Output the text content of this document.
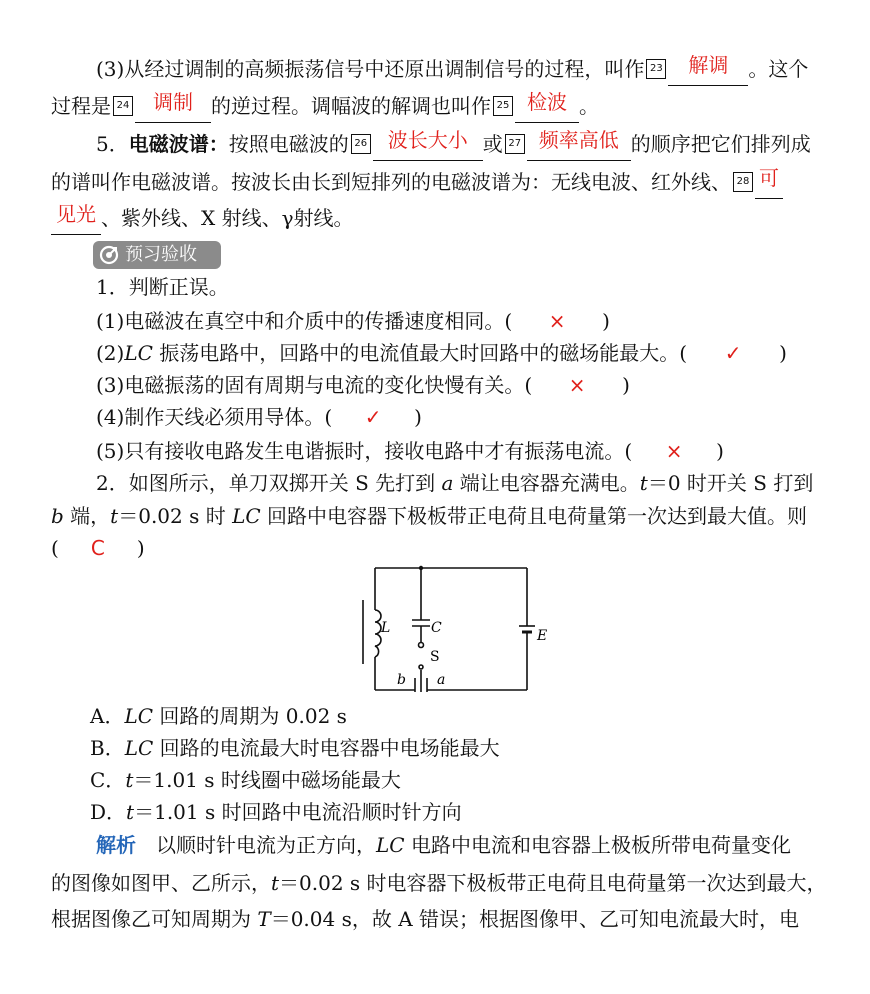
(3)从经过调制的高频振荡信号中还原出调制信号的过程，叫作 23 解调 。这个
过程是 24 调制 的逆过程。调幅波的解调也叫作 25 检波 。
5．电磁波谱：按照电磁波的 26 波长大小 或 27 频率高低 的顺序把它们排列成
的谱叫作电磁波谱。按波长由长到短排列的电磁波谱为：无线电波、红外线、 28 可
见光 、紫外线、X 射线、γ射线。
预习验收
1．判断正误。
(1)电磁波在真空中和介质中的传播速度相同。( × )
(2)LC 振荡电路中，回路中的电流值最大时回路中的磁场能最大。( ✓ )
(3)电磁振荡的固有周期与电流的变化快慢有关。( × )
(4)制作天线必须用导体。( ✓ )
(5)只有接收电路发生电谐振时，接收电路中才有振荡电流。( × )
2．如图所示，单刀双掷开关 S 先打到 a 端让电容器充满电。t＝0 时开关 S 打到
b 端，t＝0.02 s 时 LC 回路中电容器下极板带正电荷且电荷量第一次达到最大值。则
( C )
L	C
S
E
b a
A．LC 回路的周期为 0.02 s
B．LC 回路的电流最大时电容器中电场能最大
C．t＝1.01 s 时线圈中磁场能最大
D．t＝1.01 s 时回路中电流沿顺时针方向
解析 以顺时针电流为正方向，LC 电路中电流和电容器上极板所带电荷量变化
的图像如图甲、乙所示，t＝0.02 s 时电容器下极板带正电荷且电荷量第一次达到最大，
根据图像乙可知周期为 T＝0.04 s，故 A 错误；根据图像甲、乙可知电流最大时，电
